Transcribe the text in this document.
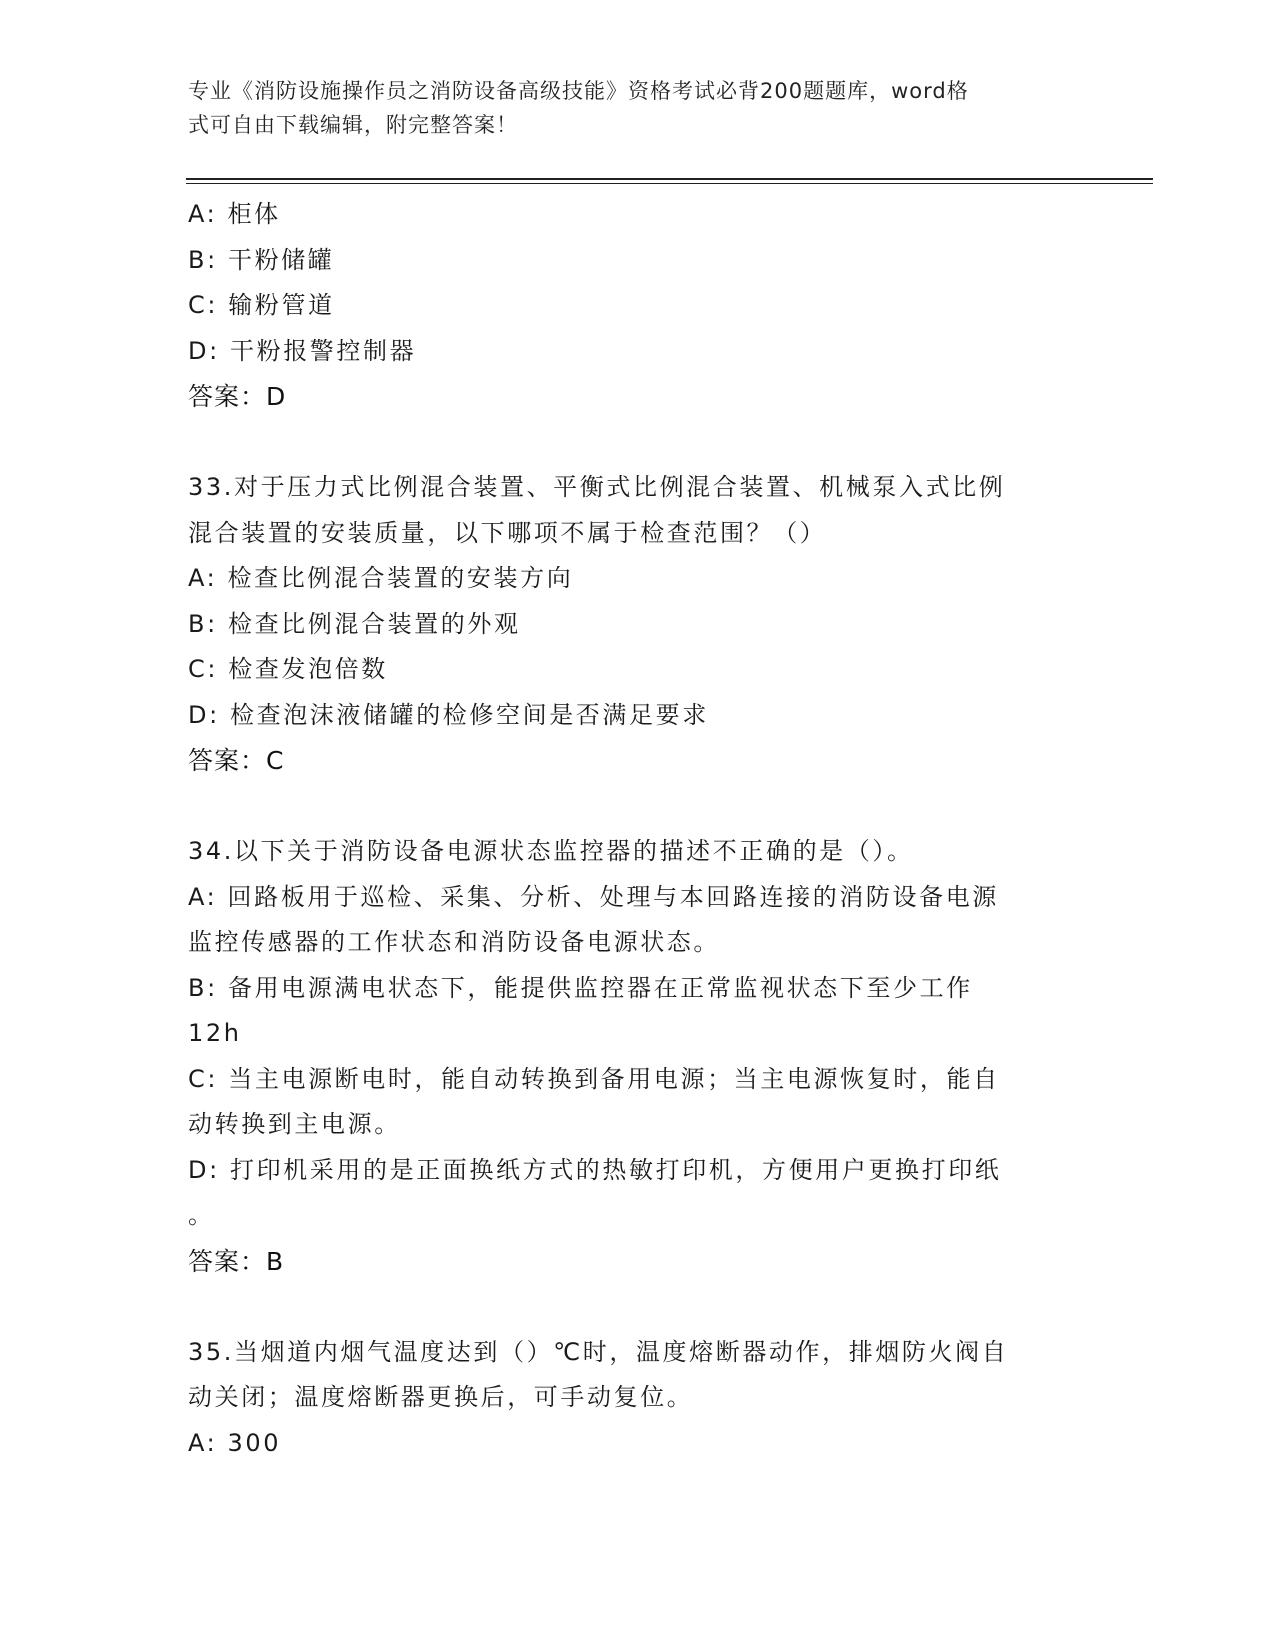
专业《消防设施操作员之消防设备高级技能》资格考试必背200题题库，word格
式可自由下载编辑，附完整答案！
A: 柜体
B: 干粉储罐
C: 输粉管道
D: 干粉报警控制器
答案：D
33.对于压力式比例混合装置、平衡式比例混合装置、机械泵入式比例
混合装置的安装质量，以下哪项不属于检查范围？（）
A: 检查比例混合装置的安装方向
B: 检查比例混合装置的外观
C: 检查发泡倍数
D: 检查泡沫液储罐的检修空间是否满足要求
答案：C
34.以下关于消防设备电源状态监控器的描述不正确的是（）。
A: 回路板用于巡检、采集、分析、处理与本回路连接的消防设备电源
监控传感器的工作状态和消防设备电源状态。
B: 备用电源满电状态下，能提供监控器在正常监视状态下至少工作
12h
C: 当主电源断电时，能自动转换到备用电源；当主电源恢复时，能自
动转换到主电源。
D: 打印机采用的是正面换纸方式的热敏打印机，方便用户更换打印纸
。
答案：B
35.当烟道内烟气温度达到（）℃时，温度熔断器动作，排烟防火阀自
动关闭；温度熔断器更换后，可手动复位。
A: 300
